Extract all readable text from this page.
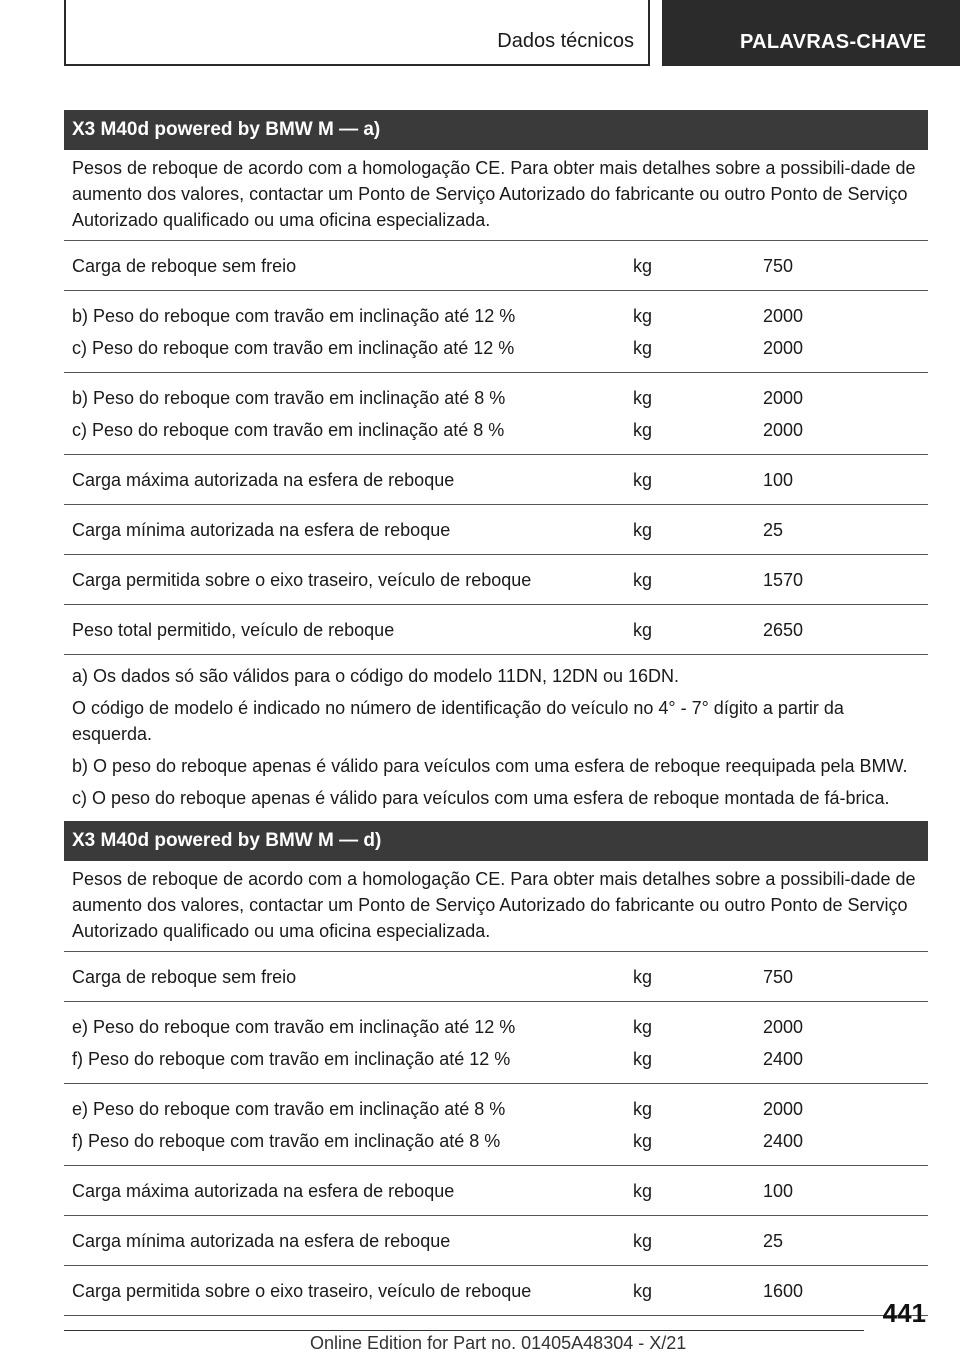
Dados técnicos	PALAVRAS-CHAVE
X3 M40d powered by BMW M — a)
Pesos de reboque de acordo com a homologação CE. Para obter mais detalhes sobre a possibili-dade de aumento dos valores, contactar um Ponto de Serviço Autorizado do fabricante ou outro Ponto de Serviço Autorizado qualificado ou uma oficina especializada.
Carga de reboque sem freio	kg	750
b) Peso do reboque com travão em inclinação até 12 %	kg	2000
c) Peso do reboque com travão em inclinação até 12 %	kg	2000
b) Peso do reboque com travão em inclinação até 8 %	kg	2000
c) Peso do reboque com travão em inclinação até 8 %	kg	2000
Carga máxima autorizada na esfera de reboque	kg	100
Carga mínima autorizada na esfera de reboque	kg	25
Carga permitida sobre o eixo traseiro, veículo de reboque	kg	1570
Peso total permitido, veículo de reboque	kg	2650

a) Os dados só são válidos para o código do modelo 11DN, 12DN ou 16DN.

O código de modelo é indicado no número de identificação do veículo no 4° - 7° dígito a partir da esquerda.

b) O peso do reboque apenas é válido para veículos com uma esfera de reboque reequipada pela BMW.

c) O peso do reboque apenas é válido para veículos com uma esfera de reboque montada de fá-brica.

X3 M40d powered by BMW M — d)
Pesos de reboque de acordo com a homologação CE. Para obter mais detalhes sobre a possibili-dade de aumento dos valores, contactar um Ponto de Serviço Autorizado do fabricante ou outro Ponto de Serviço Autorizado qualificado ou uma oficina especializada.
Carga de reboque sem freio	kg	750
e) Peso do reboque com travão em inclinação até 12 %	kg	2000
f) Peso do reboque com travão em inclinação até 12 %	kg	2400
e) Peso do reboque com travão em inclinação até 8 %	kg	2000
f) Peso do reboque com travão em inclinação até 8 %	kg	2400
Carga máxima autorizada na esfera de reboque	kg	100
Carga mínima autorizada na esfera de reboque	kg	25
Carga permitida sobre o eixo traseiro, veículo de reboque	kg	1600
441
Online Edition for Part no. 01405A48304 - X/21
